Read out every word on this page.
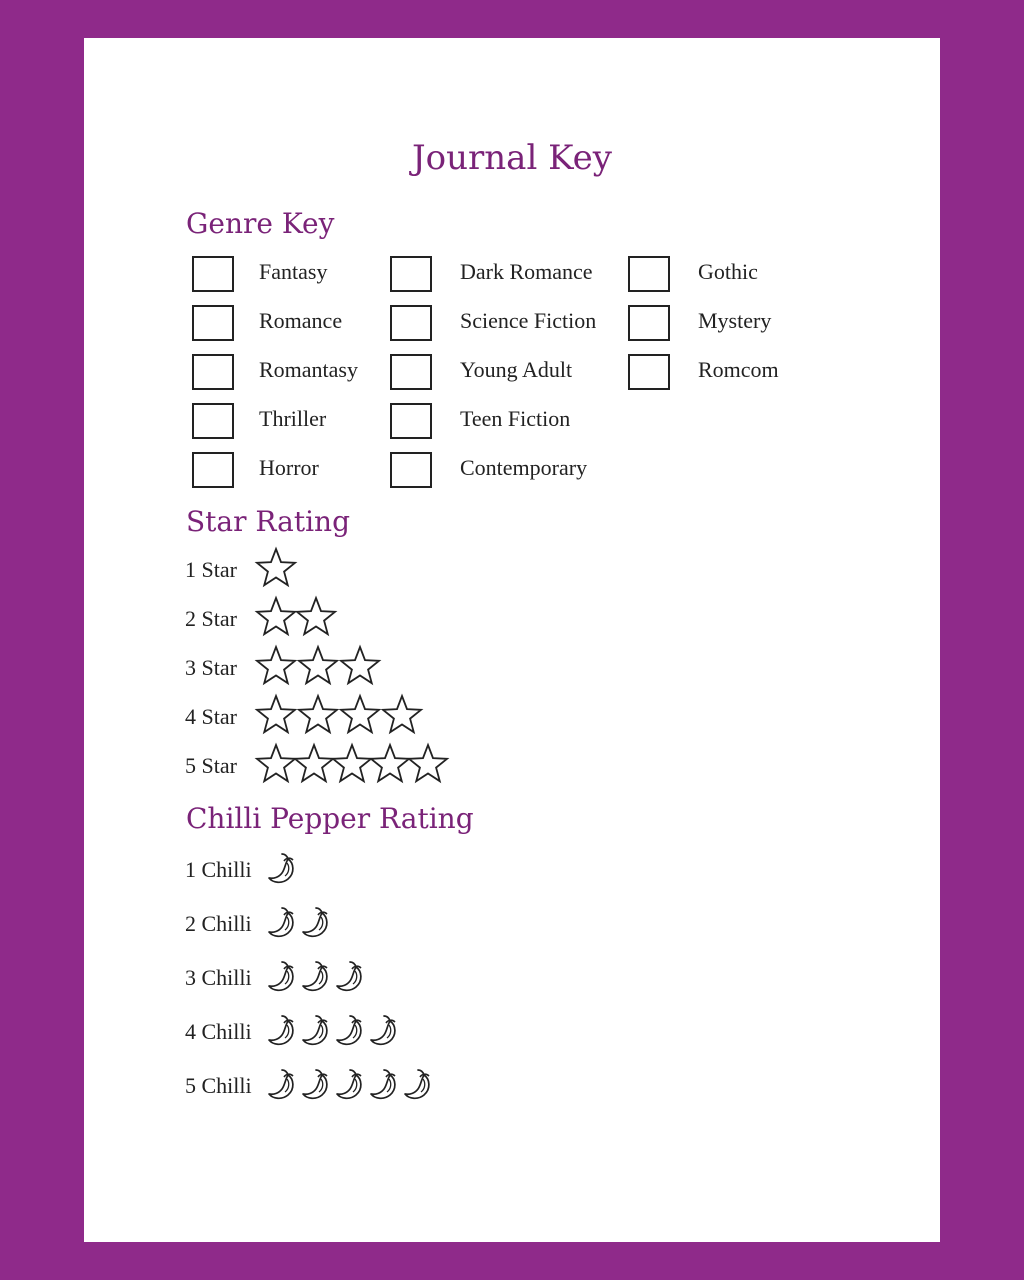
Journal Key
Genre Key
Fantasy
Romance
Romantasy
Thriller
Horror
Dark Romance
Science Fiction
Young Adult
Teen Fiction
Contemporary
Gothic
Mystery
Romcom
Star Rating
1 Star
2 Star
3 Star
4 Star
5 Star
Chilli Pepper Rating
1 Chilli
2 Chilli
3 Chilli
4 Chilli
5 Chilli
